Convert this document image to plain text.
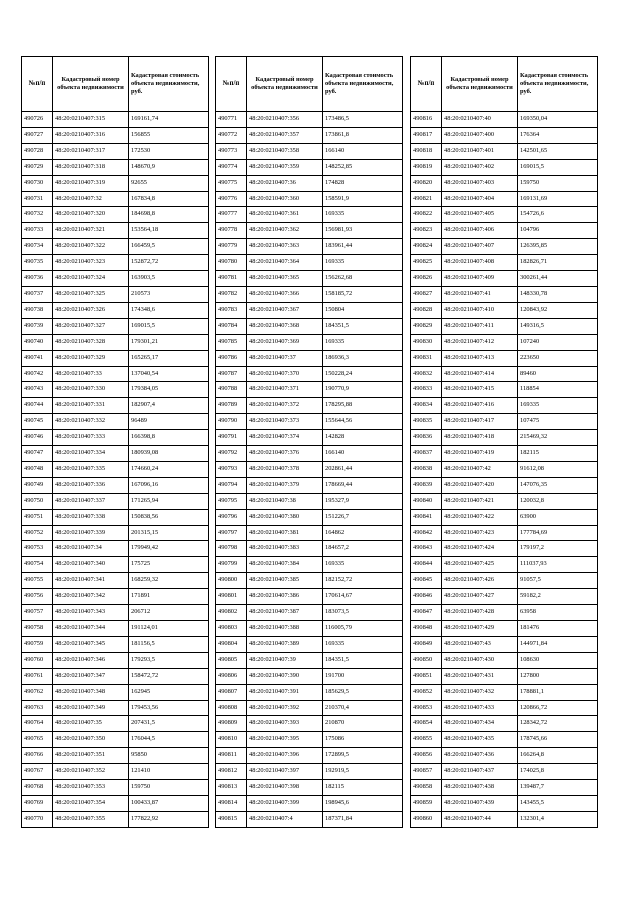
№п/п	Кадастровый номер объекта недвижимости	Кадастровая стоимость объекта недвижимости, руб.
490726	48:20:0210407:315	169161,74
490727	48:20:0210407:316	156855
490728	48:20:0210407:317	172530
490729	48:20:0210407:318	148670,9
490730	48:20:0210407:319	92655
490731	48:20:0210407:32	167834,8
490732	48:20:0210407:320	184698,8
490733	48:20:0210407:321	153564,18
490734	48:20:0210407:322	166459,5
490735	48:20:0210407:323	152872,72
490736	48:20:0210407:324	163903,5
490737	48:20:0210407:325	210573
490738	48:20:0210407:326	174348,6
490739	48:20:0210407:327	169015,5
490740	48:20:0210407:328	179301,21
490741	48:20:0210407:329	165265,17
490742	48:20:0210407:33	137040,54
490743	48:20:0210407:330	179384,05
490744	48:20:0210407:331	182907,4
490745	48:20:0210407:332	96489
490746	48:20:0210407:333	166398,8
490747	48:20:0210407:334	180939,08
490748	48:20:0210407:335	174660,24
490749	48:20:0210407:336	167096,16
490750	48:20:0210407:337	171265,94
490751	48:20:0210407:338	150838,56
490752	48:20:0210407:339	201315,15
490753	48:20:0210407:34	179949,42
490754	48:20:0210407:340	175725
490755	48:20:0210407:341	168259,32
490756	48:20:0210407:342	171891
490757	48:20:0210407:343	206712
490758	48:20:0210407:344	191124,01
490759	48:20:0210407:345	181156,5
490760	48:20:0210407:346	179293,5
490761	48:20:0210407:347	158472,72
490762	48:20:0210407:348	162945
490763	48:20:0210407:349	179453,56
490764	48:20:0210407:35	207431,5
490765	48:20:0210407:350	176044,5
490766	48:20:0210407:351	95850
490767	48:20:0210407:352	121410
490768	48:20:0210407:353	159750
490769	48:20:0210407:354	100433,87
490770	48:20:0210407:355	177822,92
№п/п	Кадастровый номер объекта недвижимости	Кадастровая стоимость объекта недвижимости, руб.
490771	48:20:0210407:356	173486,5
490772	48:20:0210407:357	173861,8
490773	48:20:0210407:358	166140
490774	48:20:0210407:359	148252,85
490775	48:20:0210407:36	174828
490776	48:20:0210407:360	158591,9
490777	48:20:0210407:361	169335
490778	48:20:0210407:362	156981,93
490779	48:20:0210407:363	183961,44
490780	48:20:0210407:364	169335
490781	48:20:0210407:365	156262,68
490782	48:20:0210407:366	158185,72
490783	48:20:0210407:367	150804
490784	48:20:0210407:368	184351,5
490785	48:20:0210407:369	169335
490786	48:20:0210407:37	186936,3
490787	48:20:0210407:370	150228,24
490788	48:20:0210407:371	190770,9
490789	48:20:0210407:372	178295,88
490790	48:20:0210407:373	155644,56
490791	48:20:0210407:374	142828
490792	48:20:0210407:376	166140
490793	48:20:0210407:378	202861,44
490794	48:20:0210407:379	178669,44
490795	48:20:0210407:38	195327,9
490796	48:20:0210407:380	151226,7
490797	48:20:0210407:381	164862
490798	48:20:0210407:383	184657,2
490799	48:20:0210407:384	169335
490800	48:20:0210407:385	182152,72
490801	48:20:0210407:386	170614,67
490802	48:20:0210407:387	183073,5
490803	48:20:0210407:388	116005,79
490804	48:20:0210407:389	169335
490805	48:20:0210407:39	184351,5
490806	48:20:0210407:390	191700
490807	48:20:0210407:391	185629,5
490808	48:20:0210407:392	210370,4
490809	48:20:0210407:393	210870
490810	48:20:0210407:395	175086
490811	48:20:0210407:396	172899,5
490812	48:20:0210407:397	192919,5
490813	48:20:0210407:398	182115
490814	48:20:0210407:399	198945,6
490815	48:20:0210407:4	187371,84
№п/п	Кадастровый номер объекта недвижимости	Кадастровая стоимость объекта недвижимости, руб.
490816	48:20:0210407:40	169350,04
490817	48:20:0210407:400	176364
490818	48:20:0210407:401	142501,65
490819	48:20:0210407:402	169015,5
490820	48:20:0210407:403	159750
490821	48:20:0210407:404	169131,69
490822	48:20:0210407:405	154726,6
490823	48:20:0210407:406	104796
490824	48:20:0210407:407	126395,85
490825	48:20:0210407:408	182826,71
490826	48:20:0210407:409	300261,44
490827	48:20:0210407:41	148330,78
490828	48:20:0210407:410	120843,92
490829	48:20:0210407:411	149316,5
490830	48:20:0210407:412	107240
490831	48:20:0210407:413	223650
490832	48:20:0210407:414	89460
490833	48:20:0210407:415	118854
490834	48:20:0210407:416	169335
490835	48:20:0210407:417	107475
490836	48:20:0210407:418	215469,32
490837	48:20:0210407:419	182115
490838	48:20:0210407:42	91612,08
490839	48:20:0210407:420	147076,35
490840	48:20:0210407:421	120032,8
490841	48:20:0210407:422	63900
490842	48:20:0210407:423	177784,69
490843	48:20:0210407:424	179197,2
490844	48:20:0210407:425	111037,93
490845	48:20:0210407:426	91057,5
490846	48:20:0210407:427	59182,2
490847	48:20:0210407:428	63958
490848	48:20:0210407:429	181476
490849	48:20:0210407:43	144971,84
490850	48:20:0210407:430	108630
490851	48:20:0210407:431	127800
490852	48:20:0210407:432	178881,1
490853	48:20:0210407:433	120866,72
490854	48:20:0210407:434	128342,72
490855	48:20:0210407:435	178745,66
490856	48:20:0210407:436	166264,8
490857	48:20:0210407:437	174025,8
490858	48:20:0210407:438	139487,7
490859	48:20:0210407:439	143455,5
490860	48:20:0210407:44	132301,4
